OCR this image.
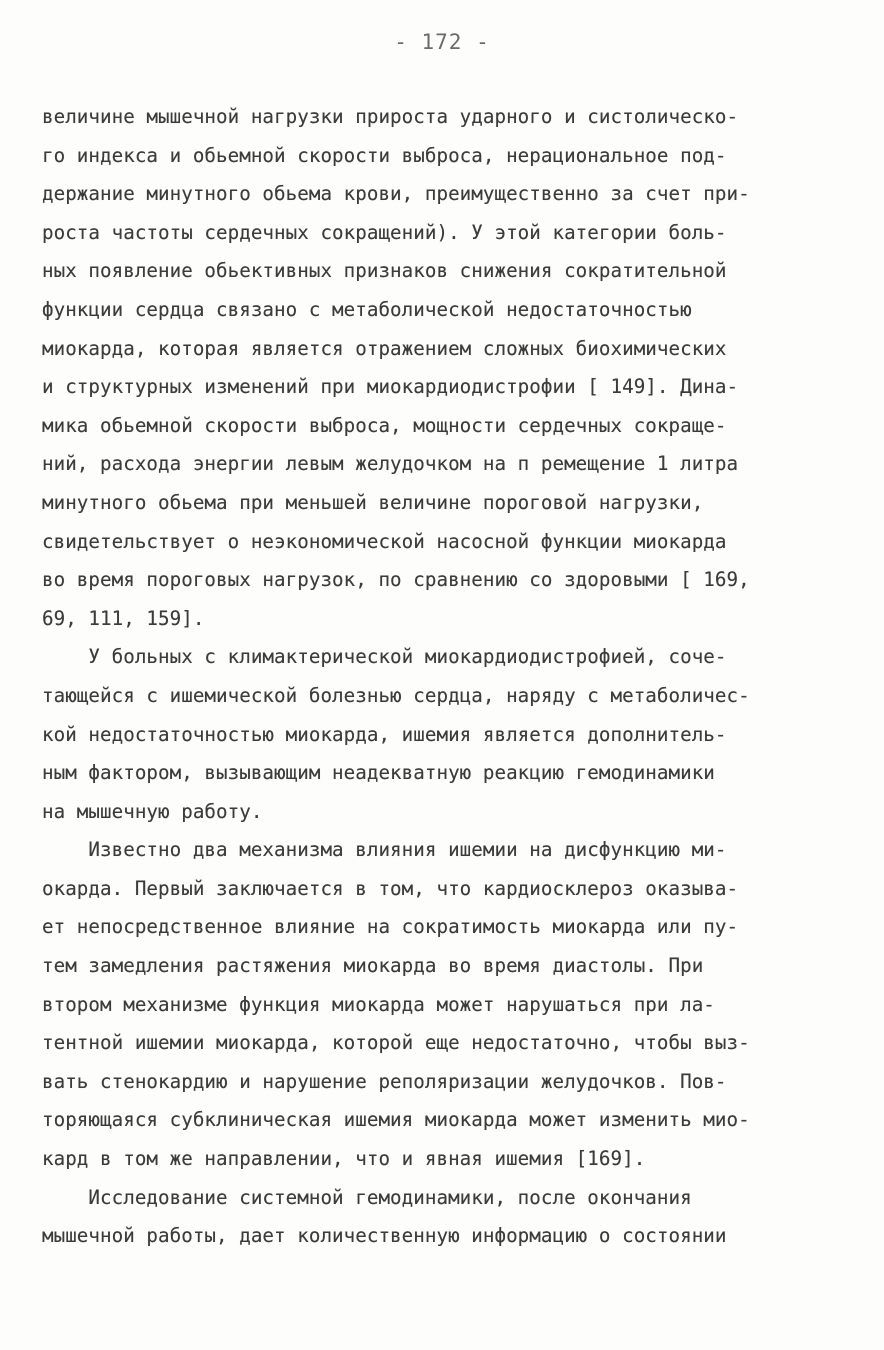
- 172 -
величине мышечной нагрузки прироста ударного и систолическо-
го индекса и обьемной скорости выброса, нерациональное под-
держание минутного обьема крови, преимущественно за счет при-
роста частоты сердечных сокращений). У этой категории боль-
ных появление обьективных признаков снижения сократительной
функции сердца связано с метаболической недостаточностью
миокарда, которая является отражением сложных биохимических
и структурных изменений при миокардиодистрофии [ 149]. Дина-
мика обьемной скорости выброса, мощности сердечных сокраще-
ний, расхода энергии левым желудочком на п ремещение 1 литра
минутного обьема при меньшей величине пороговой нагрузки,
свидетельствует о неэкономической насосной функции миокарда
во время пороговых нагрузок, по сравнению со здоровыми [ 169,
69, 111, 159].
У больных с климактерической миокардиодистрофией, соче-
тающейся с ишемической болезнью сердца, наряду с метаболичес-
кой недостаточностью миокарда, ишемия является дополнитель-
ным фактором, вызывающим неадекватную реакцию гемодинамики
на мышечную работу.
Известно два механизма влияния ишемии на дисфункцию ми-
окарда. Первый заключается в том, что кардиосклероз оказыва-
ет непосредственное влияние на сократимость миокарда или пу-
тем замедления растяжения миокарда во время диастолы. При
втором механизме функция миокарда может нарушаться при ла-
тентной ишемии миокарда, которой еще недостаточно, чтобы выз-
вать стенокардию и нарушение реполяризации желудочков. Пов-
торяющаяся субклиническая ишемия миокарда может изменить мио-
кард в том же направлении, что и явная ишемия [169].
Исследование системной гемодинамики, после окончания
мышечной работы, дает количественную информацию о состоянии
